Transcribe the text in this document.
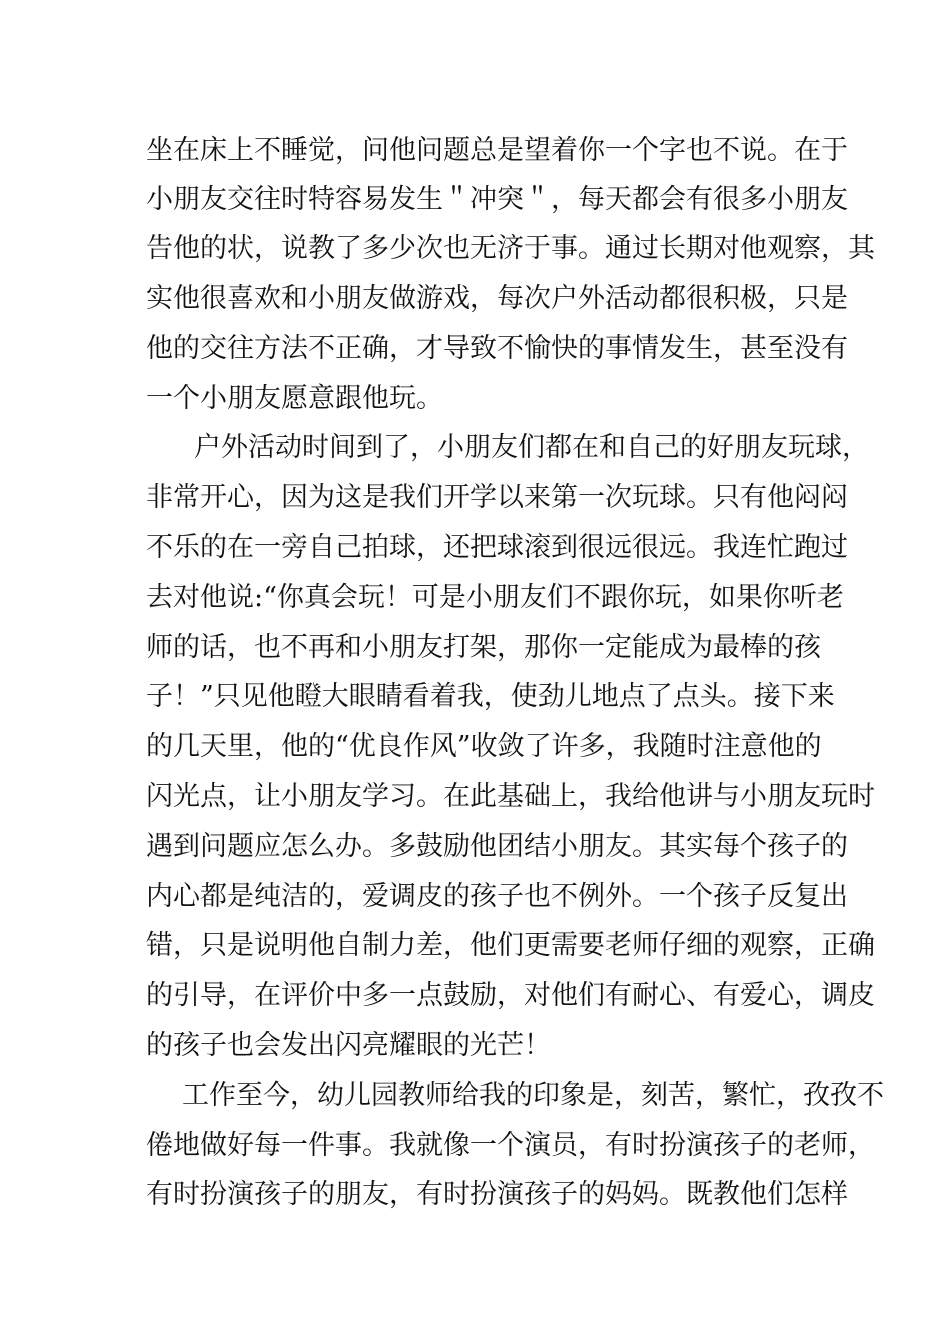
坐在床上不睡觉，问他问题总是望着你一个字也不说。在于
小朋友交往时特容易发生＂冲突＂，每天都会有很多小朋友
告他的状，说教了多少次也无济于事。通过长期对他观察，其
实他很喜欢和小朋友做游戏，每次户外活动都很积极，只是
他的交往方法不正确，才导致不愉快的事情发生，甚至没有
一个小朋友愿意跟他玩。
户外活动时间到了，小朋友们都在和自己的好朋友玩球，
非常开心，因为这是我们开学以来第一次玩球。只有他闷闷
不乐的在一旁自己拍球，还把球滚到很远很远。我连忙跑过
去对他说:“你真会玩！可是小朋友们不跟你玩，如果你听老
师的话，也不再和小朋友打架，那你一定能成为最棒的孩
子！”只见他瞪大眼睛看着我，使劲儿地点了点头。接下来
的几天里，他的“优良作风”收敛了许多，我随时注意他的
闪光点，让小朋友学习。在此基础上，我给他讲与小朋友玩时
遇到问题应怎么办。多鼓励他团结小朋友。其实每个孩子的
内心都是纯洁的，爱调皮的孩子也不例外。一个孩子反复出
错，只是说明他自制力差，他们更需要老师仔细的观察，正确
的引导，在评价中多一点鼓励，对他们有耐心、有爱心，调皮
的孩子也会发出闪亮耀眼的光芒！
工作至今，幼儿园教师给我的印象是，刻苦，繁忙，孜孜不
倦地做好每一件事。我就像一个演员，有时扮演孩子的老师，
有时扮演孩子的朋友，有时扮演孩子的妈妈。既教他们怎样
